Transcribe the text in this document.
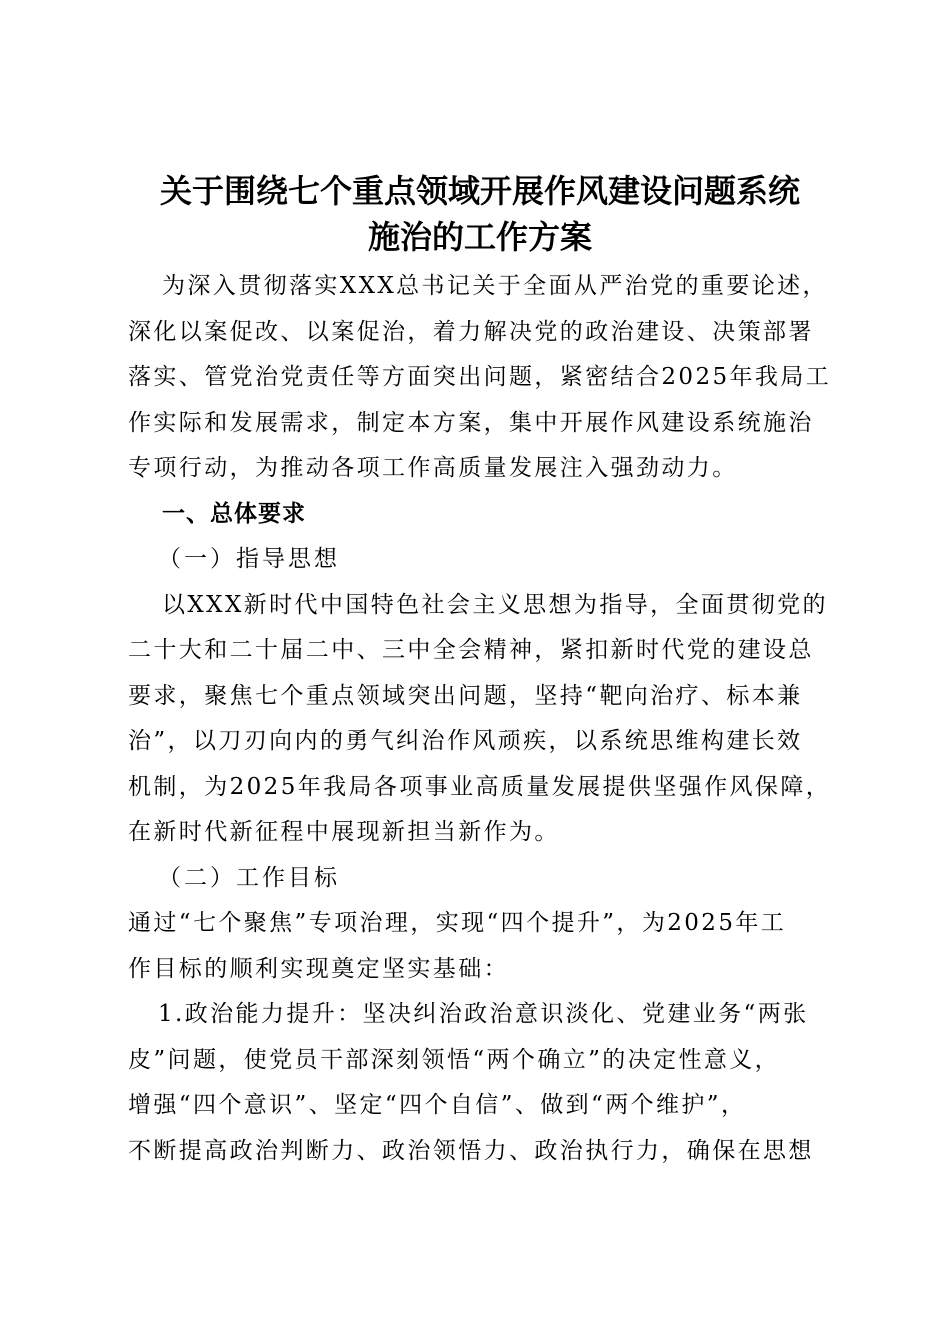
关于围绕七个重点领域开展作风建设问题系统
施治的工作方案
为深入贯彻落实XXX总书记关于全面从严治党的重要论述，
深化以案促改、以案促治，着力解决党的政治建设、决策部署
落实、管党治党责任等方面突出问题，紧密结合2025年我局工
作实际和发展需求，制定本方案，集中开展作风建设系统施治
专项行动，为推动各项工作高质量发展注入强劲动力。
一、总体要求
（一）指导思想
以XXX新时代中国特色社会主义思想为指导，全面贯彻党的
二十大和二十届二中、三中全会精神，紧扣新时代党的建设总
要求，聚焦七个重点领域突出问题，坚持“靶向治疗、标本兼
治”，以刀刃向内的勇气纠治作风顽疾，以系统思维构建长效
机制，为2025年我局各项事业高质量发展提供坚强作风保障，
在新时代新征程中展现新担当新作为。
（二）工作目标
通过“七个聚焦”专项治理，实现“四个提升”，为2025年工
作目标的顺利实现奠定坚实基础：
1.政治能力提升：坚决纠治政治意识淡化、党建业务“两张
皮”问题，使党员干部深刻领悟“两个确立”的决定性意义，
增强“四个意识”、坚定“四个自信”、做到“两个维护”，
不断提高政治判断力、政治领悟力、政治执行力，确保在思想
